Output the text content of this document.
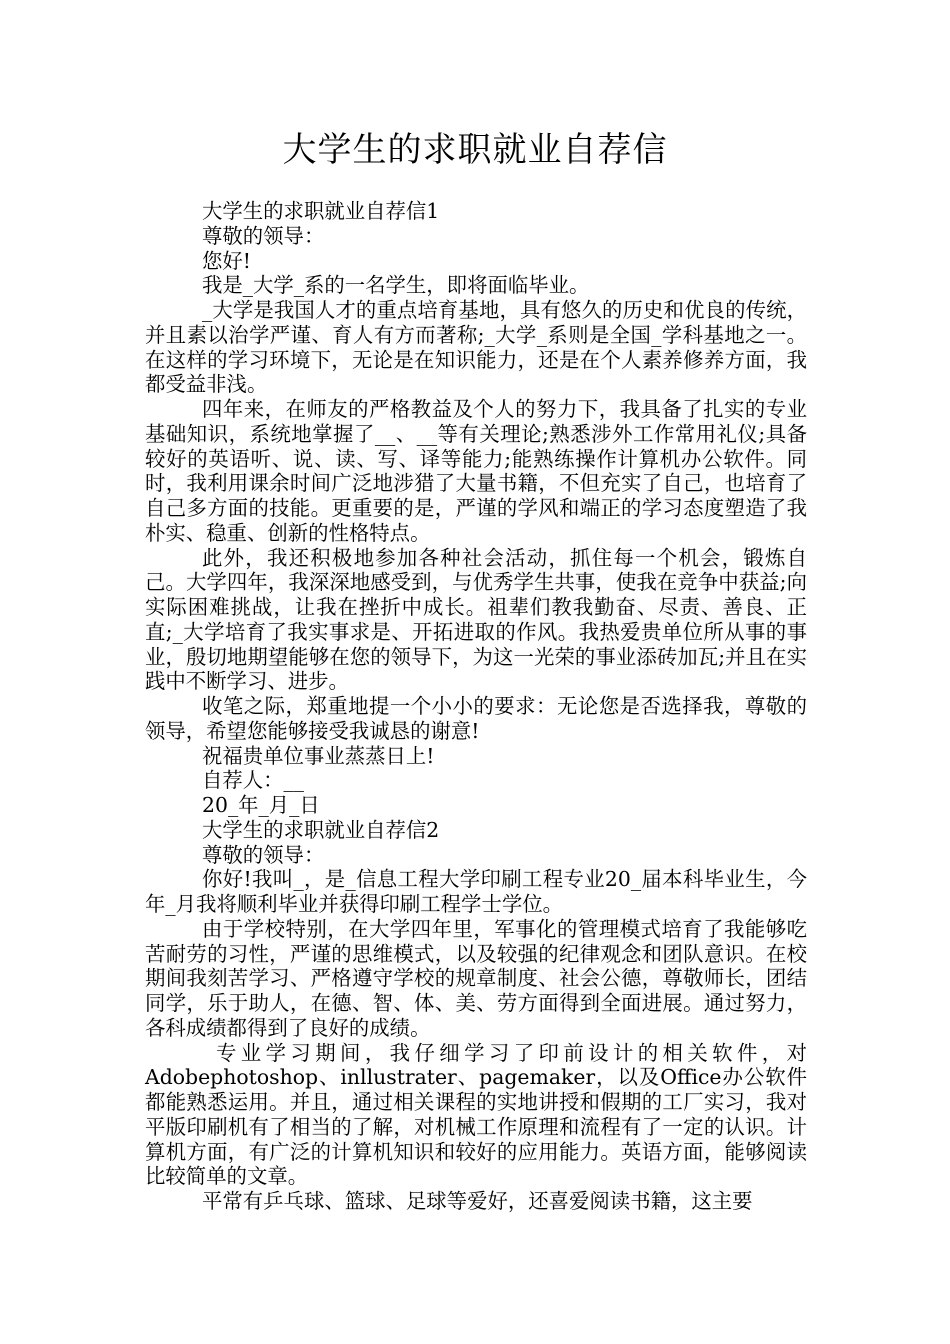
大学生的求职就业自荐信

大学生的求职就业自荐信1

尊敬的领导：

您好!

我是_大学_系的一名学生，即将面临毕业。

_大学是我国人才的重点培育基地，具有悠久的历史和优良的传统，并且素以治学严谨、育人有方而著称;_大学_系则是全国_学科基地之一。在这样的学习环境下，无论是在知识能力，还是在个人素养修养方面，我都受益非浅。

四年来，在师友的严格教益及个人的努力下，我具备了扎实的专业基础知识，系统地掌握了__、__等有关理论;熟悉涉外工作常用礼仪;具备较好的英语听、说、读、写、译等能力;能熟练操作计算机办公软件。同时，我利用课余时间广泛地涉猎了大量书籍，不但充实了自己，也培育了自己多方面的技能。更重要的是，严谨的学风和端正的学习态度塑造了我朴实、稳重、创新的性格特点。

此外，我还积极地参加各种社会活动，抓住每一个机会，锻炼自己。大学四年，我深深地感受到，与优秀学生共事，使我在竞争中获益;向实际困难挑战，让我在挫折中成长。祖辈们教我勤奋、尽责、善良、正直;_大学培育了我实事求是、开拓进取的作风。我热爱贵单位所从事的事业，殷切地期望能够在您的领导下，为这一光荣的事业添砖加瓦;并且在实践中不断学习、进步。

收笔之际，郑重地提一个小小的要求：无论您是否选择我，尊敬的领导，希望您能够接受我诚恳的谢意!

祝福贵单位事业蒸蒸日上!

自荐人：__

20_年_月_日

大学生的求职就业自荐信2

尊敬的领导：

你好!我叫_，是_信息工程大学印刷工程专业20_届本科毕业生，今年_月我将顺利毕业并获得印刷工程学士学位。

由于学校特别，在大学四年里，军事化的管理模式培育了我能够吃苦耐劳的习性，严谨的思维模式，以及较强的纪律观念和团队意识。在校期间我刻苦学习、严格遵守学校的规章制度、社会公德，尊敬师长，团结同学，乐于助人，在德、智、体、美、劳方面得到全面进展。通过努力，各科成绩都得到了良好的成绩。

专业学习期间，我仔细学习了印前设计的相关软件，对Adobephotoshop、inllustrater、pagemaker，以及Office办公软件都能熟悉运用。并且，通过相关课程的实地讲授和假期的工厂实习，我对平版印刷机有了相当的了解，对机械工作原理和流程有了一定的认识。计算机方面，有广泛的计算机知识和较好的应用能力。英语方面，能够阅读比较简单的文章。

平常有乒乓球、篮球、足球等爱好，还喜爱阅读书籍，这主要
